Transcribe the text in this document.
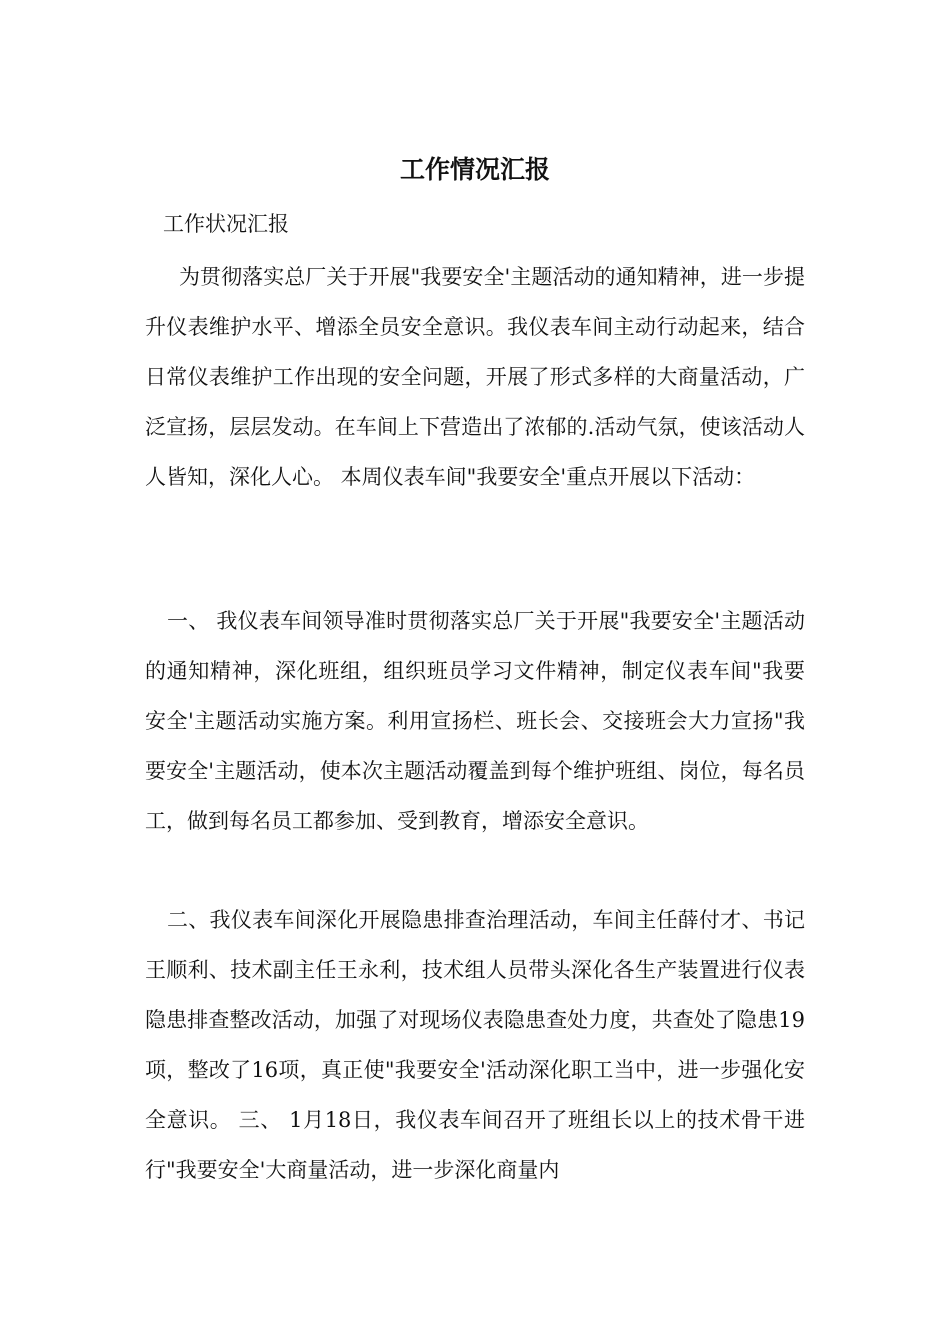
工作情况汇报

工作状况汇报

为贯彻落实总厂关于开展"我要安全'主题活动的通知精神，进一步提升仪表维护水平、增添全员安全意识。我仪表车间主动行动起来，结合日常仪表维护工作出现的安全问题，开展了形式多样的大商量活动，广泛宣扬，层层发动。在车间上下营造出了浓郁的.活动气氛，使该活动人人皆知，深化人心。 本周仪表车间"我要安全'重点开展以下活动：

一、 我仪表车间领导准时贯彻落实总厂关于开展"我要安全'主题活动的通知精神，深化班组，组织班员学习文件精神，制定仪表车间"我要安全'主题活动实施方案。利用宣扬栏、班长会、交接班会大力宣扬"我要安全'主题活动，使本次主题活动覆盖到每个维护班组、岗位，每名员工，做到每名员工都参加、受到教育，增添安全意识。

二、我仪表车间深化开展隐患排查治理活动，车间主任薛付才、书记王顺利、技术副主任王永利，技术组人员带头深化各生产装置进行仪表隐患排查整改活动，加强了对现场仪表隐患查处力度，共查处了隐患19项，整改了16项，真正使"我要安全'活动深化职工当中，进一步强化安全意识。 三、 1月18日，我仪表车间召开了班组长以上的技术骨干进行"我要安全'大商量活动，进一步深化商量内
